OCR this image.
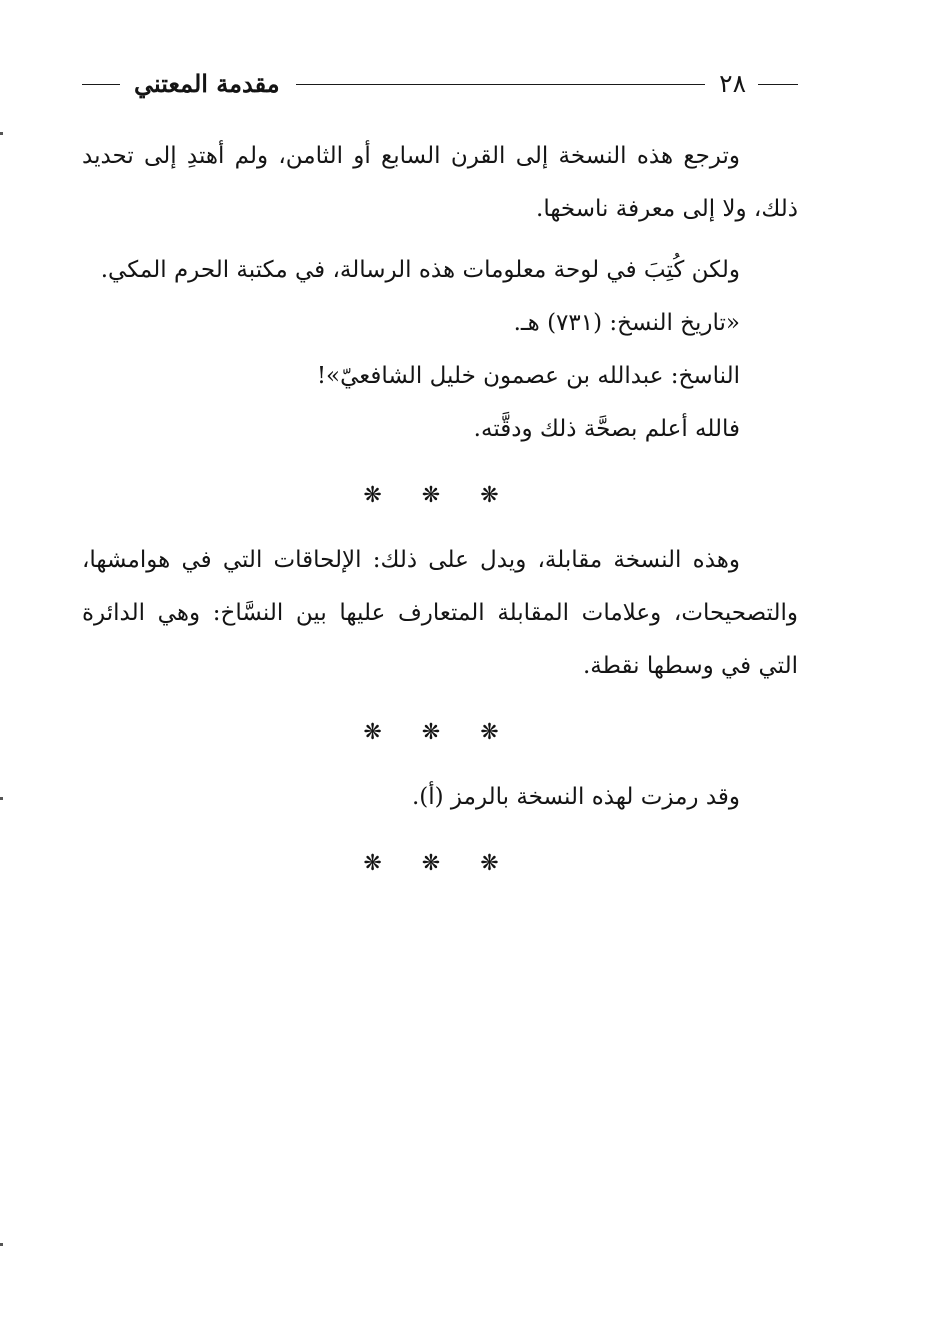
٢٨
مقدمة المعتني

وترجع هذه النسخة إلى القرن السابع أو الثامن، ولم أهتدِ إلى تحديد ذلك، ولا إلى معرفة ناسخها.

ولكن كُتِبَ في لوحة معلومات هذه الرسالة، في مكتبة الحرم المكي.

«تاريخ النسخ: (٧٣١) هـ.

الناسخ: عبدالله بن عصمون خليل الشافعيّ»!

فالله أعلم بصحَّة ذلك ودقَّته.

❋ ❋ ❋

وهذه النسخة مقابلة، ويدل على ذلك: الإلحاقات التي في هوامشها، والتصحيحات، وعلامات المقابلة المتعارف عليها بين النسَّاخ: وهي الدائرة التي في وسطها نقطة.

❋ ❋ ❋

وقد رمزت لهذه النسخة بالرمز (أ).

❋ ❋ ❋
